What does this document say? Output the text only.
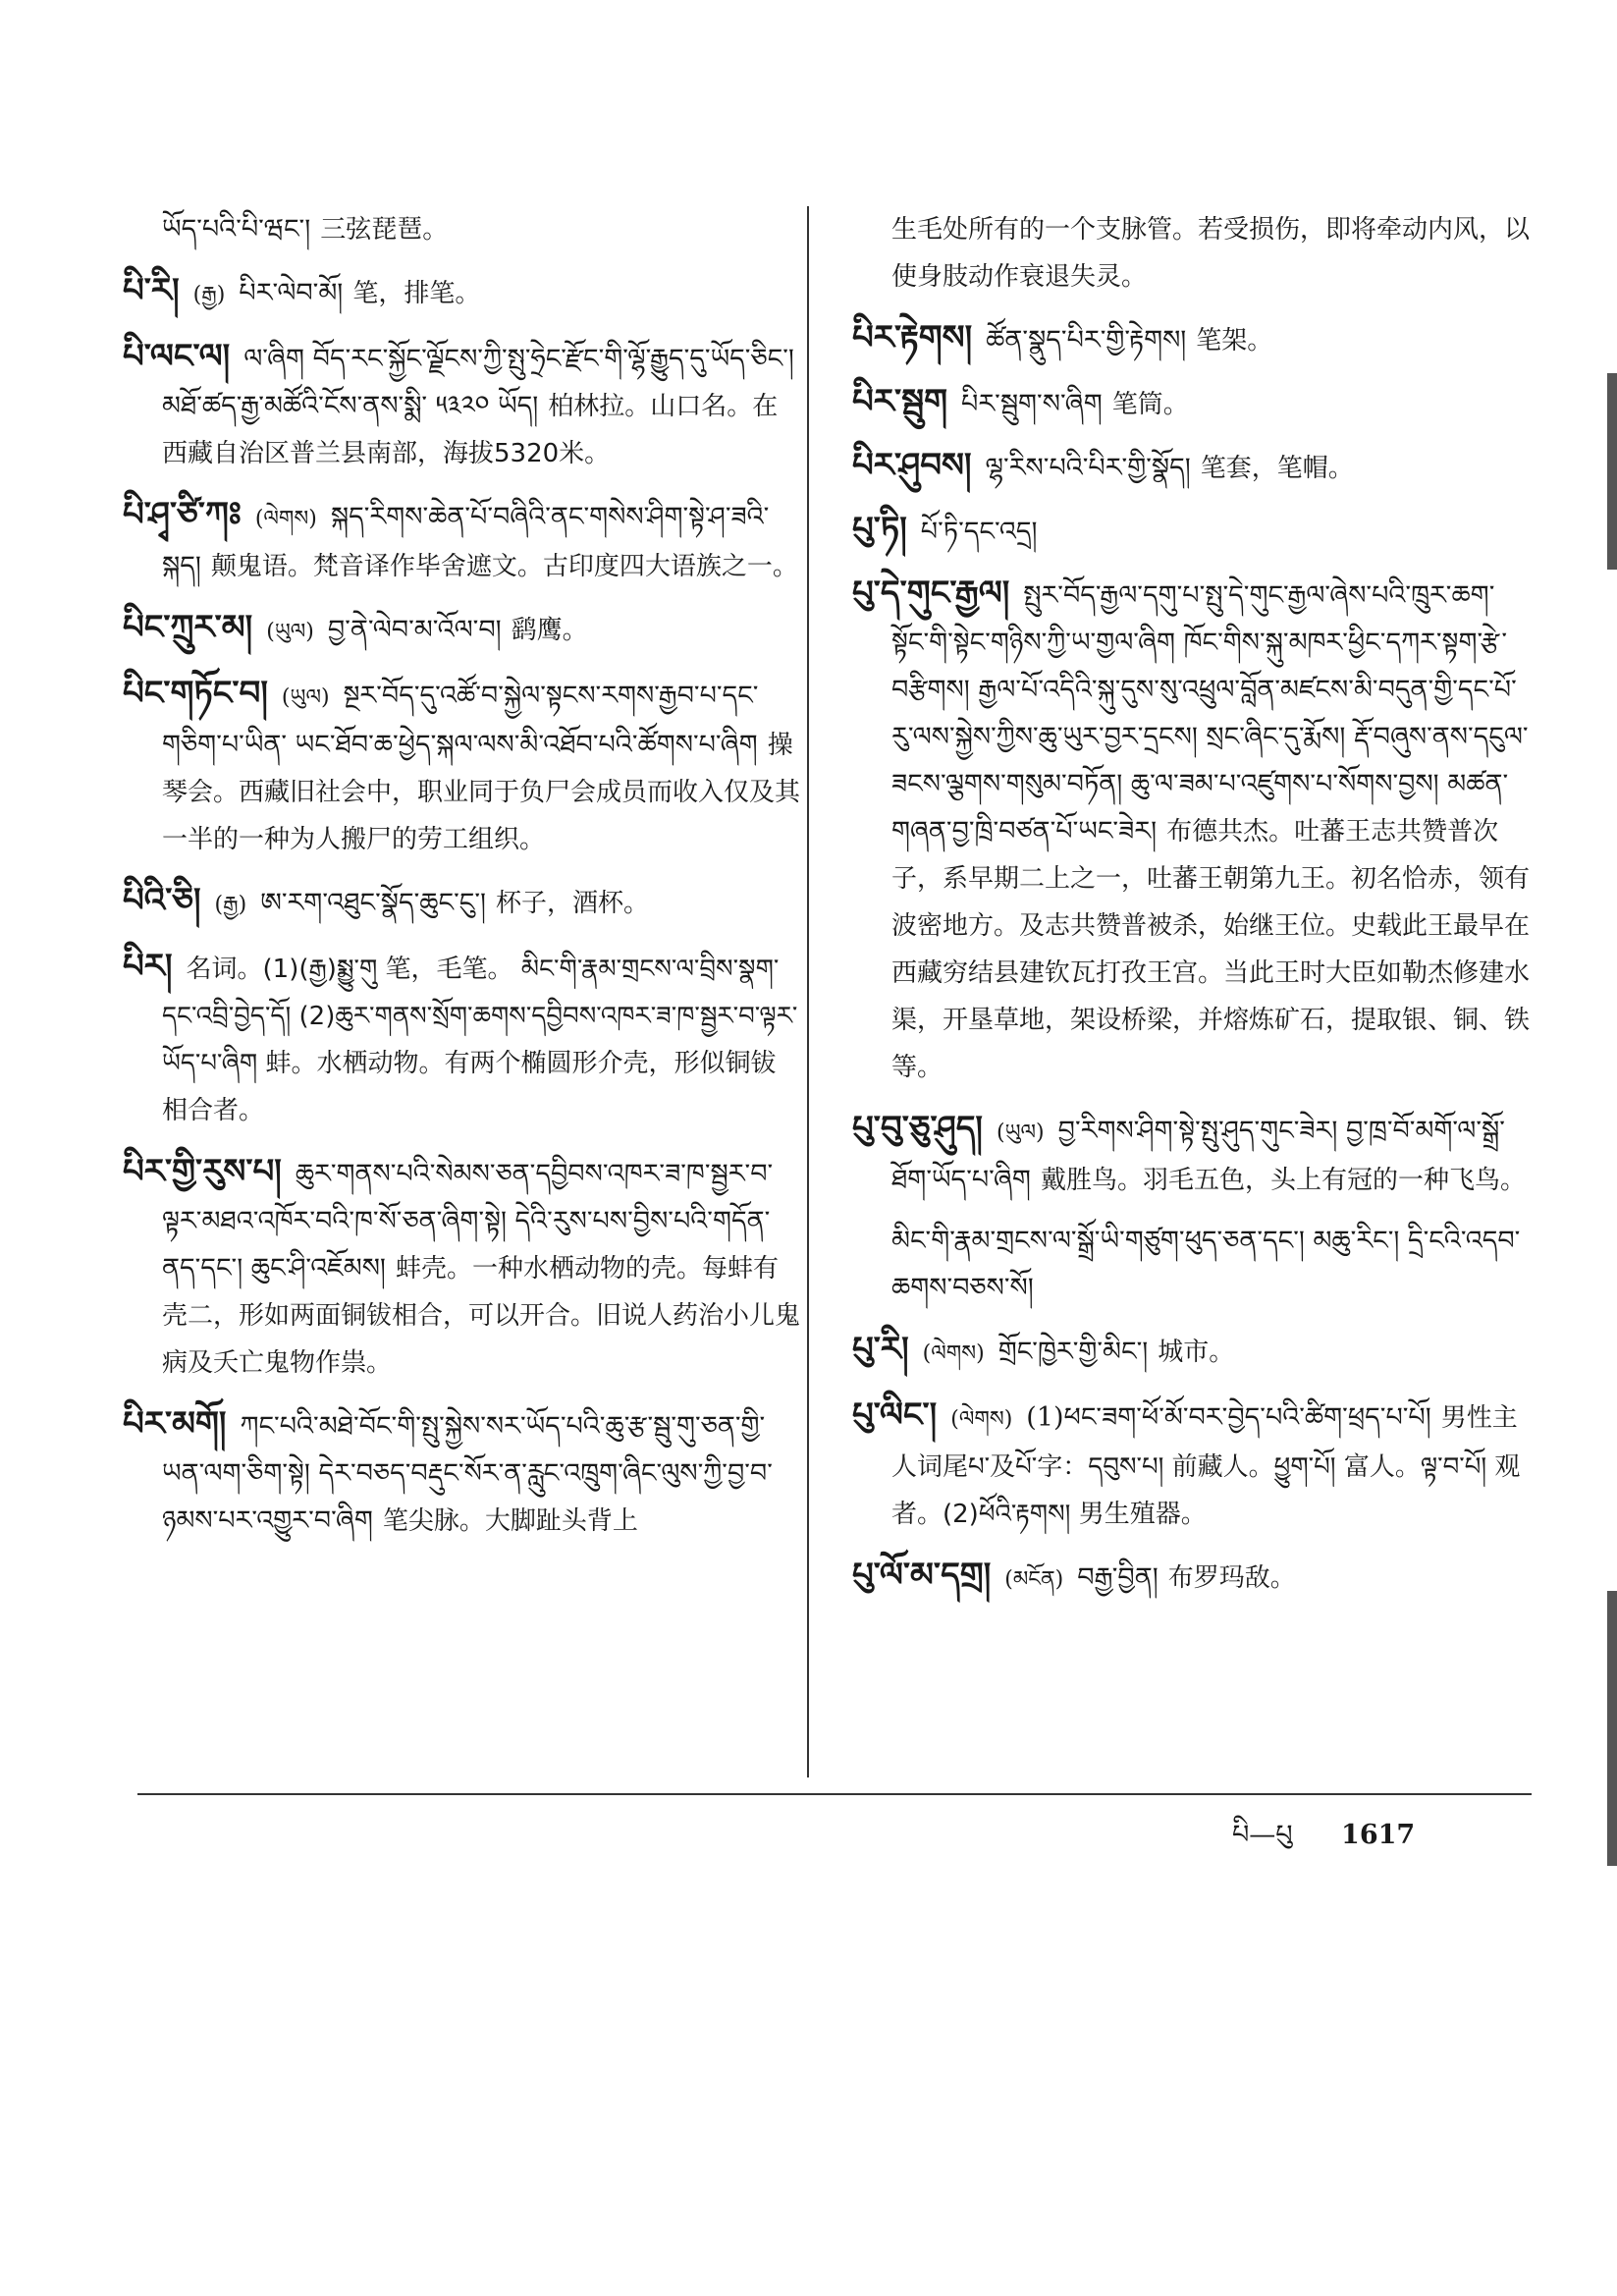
ཡོད་པའི་པི་ཝང་། 三弦琵琶。

པི་རི། (རྒྱ) པིར་ལེབ་མོ། 笔，排笔。

པི་ལང་ལ། ལ་ཞིག བོད་རང་སྐྱོང་ལྗོངས་ཀྱི་སྤུ་ཧྲེང་རྫོང་གི་ལྷོ་རྒྱུད་དུ་ཡོད་ཅིང་། མཐོ་ཚད་རྒྱ་མཚོའི་ངོས་ནས་སྨི་ ༥༣༢༠ ཡོད། 柏林拉。山口名。在西藏自治区普兰县南部，海拔5320米。

པི་ཤྭ་ཙི་ཀཿ (ལེགས) སྐད་རིགས་ཆེན་པོ་བཞིའི་ནང་གསེས་ཤིག་སྟེ་ཤ་ཟའི་སྐད། 颠鬼语。梵音译作毕舍遮文。古印度四大语族之一。

པིང་ཀྲུར་མ། (ཡུལ) བྱ་ནེ་ལེབ་མ་འོལ་བ། 鹞鹰。

པིང་གཏོང་བ། (ཡུལ) སྔར་བོད་དུ་འཚོ་བ་སྐྱེལ་སྟངས་རགས་རྒྱབ་པ་དང་གཅིག་པ་ཡིན་ ཡང་ཐོབ་ཆ་ཕྱེད་སྐལ་ལས་མི་འཐོབ་པའི་ཚོགས་པ་ཞིག 操琴会。西藏旧社会中，职业同于负尸会成员而收入仅及其一半的一种为人搬尸的劳工组织。

པིའི་ཅི། (རྒྱ) ཨ་རག་འཐུང་སྣོད་ཆུང་ངུ་། 杯子，酒杯。

པིར། 名词。(1)(རྒྱ)སྨྱུ་གུ 笔，毛笔。 མིང་གི་རྣམ་གྲངས་ལ་བྲིས་སྣག་དང་འབྲི་བྱེད་དོ། (2)ཆུར་གནས་སྲོག་ཆགས་དབྱིབས་འཁར་ཟ་ཁ་སྦྱར་བ་ལྟར་ཡོད་པ་ཞིག 蚌。水栖动物。有两个椭圆形介壳，形似铜钹相合者。

པིར་གྱི་རུས་པ། ཆུར་གནས་པའི་སེམས་ཅན་དབྱིབས་འཁར་ཟ་ཁ་སྦྱར་བ་ལྟར་མཐའ་འཁོར་བའི་ཁ་སོ་ཅན་ཞིག་སྟེ། དེའི་རུས་པས་བྱིས་པའི་གདོན་ནད་དང་། ཆུང་ཤི་འཇོམས། 蚌壳。一种水栖动物的壳。每蚌有壳二，形如两面铜钹相合，可以开合。旧说人药治小儿鬼病及夭亡鬼物作祟。

པིར་མགོ། ཀང་པའི་མཐེ་བོང་གི་སྤུ་སྐྱེས་སར་ཡོད་པའི་ཆུ་རྩ་སྦུ་གུ་ཅན་གྱི་ཡན་ལག་ཅིག་སྟེ། དེར་བཅད་བརྡུང་སོར་ན་རླུང་འཁྲུག་ཞིང་ལུས་ཀྱི་བྱ་བ་ཉམས་པར་འགྱུར་བ་ཞིག 笔尖脉。大脚趾头背上

生毛处所有的一个支脉管。若受损伤，即将牵动内风，以使身肢动作衰退失灵。

པིར་རྟེགས། ཚོན་སྣུད་པིར་གྱི་རྟེགས། 笔架。

པིར་སྦུག པིར་སྦུག་ས་ཞིག 笔筒。

པིར་ཤུབས། ལྷ་རིས་པའི་པིར་གྱི་སྣོད། 笔套，笔帽。

པུ་ཏི། པོ་ཏི་དང་འདྲ།

པུ་དེ་གུང་རྒྱལ། སྤུར་བོད་རྒྱལ་དགུ་པ་སྤུ་དེ་གུང་རྒྱལ་ཞེས་པའི་ཁྲུར་ཆག་སྟོང་གི་སྟེང་གཉིས་ཀྱི་ཡ་གྱལ་ཞིག ཁོང་གིས་སྐུ་མཁར་ཕྱིང་དཀར་སྟག་རྩེ་བརྩིགས། རྒྱལ་པོ་འདིའི་སྐུ་དུས་སུ་འཕྲུལ་བློན་མཛངས་མི་བདུན་གྱི་དང་པོ་རུ་ལས་སྐྱེས་ཀྱིས་ཆུ་ཡུར་བྱར་དྲངས། སྲང་ཞིང་དུ་རྨོས། རྡོ་བཞུས་ནས་དངུལ་ཟངས་ལྕགས་གསུམ་བཏོན། ཆུ་ལ་ཟམ་པ་འཛུགས་པ་སོགས་བྱས། མཚན་གཞན་བྱ་ཁྲི་བཙན་པོ་ཡང་ཟེར། 布德共杰。吐蕃王志共赞普次子，系早期二上之一，吐蕃王朝第九王。初名恰赤，领有波密地方。及志共赞普被杀，始继王位。史载此王最早在西藏穷结县建钦瓦打孜王宫。当此王时大臣如勒杰修建水渠，开垦草地，架设桥梁，并熔炼矿石，提取银、铜、铁等。

པུ་བུ་ཅུ་ཤུད། (ཡུལ) བྱ་རིགས་ཤིག་སྟེ་སྤུ་ཤུད་གུང་ཟེར། བྱ་ཁྲ་བོ་མགོ་ལ་སྒྲོ་ཐོག་ཡོད་པ་ཞིག 戴胜鸟。羽毛五色，头上有冠的一种飞鸟。

མིང་གི་རྣམ་གྲངས་ལ་སྒྲོ་ཡི་གཙུག་ཕུད་ཅན་དང་། མཆུ་རིང་། དྲི་ངའི་འདབ་ཆགས་བཅས་སོ།

པུ་རི། (ལེགས) གྲོང་ཁྱེར་གྱི་མིང་། 城市。

པུ་ལིང་། (ལེགས) (1)ཕང་ཟག་ཕོ་མོ་བར་བྱེད་པའི་ཚིག་ཕྲད་པ་པོ། 男性主人词尾པ་及པོ་字：དབུས་པ། 前藏人。ཕྱུག་པོ། 富人。ལྟ་བ་པོ། 观者。(2)ཕོའི་རྟགས། 男生殖器。

པུ་ལོ་མ་དགྲ། (མངོན) བརྒྱ་བྱིན། 布罗玛敌。

པི—པུ 1617
